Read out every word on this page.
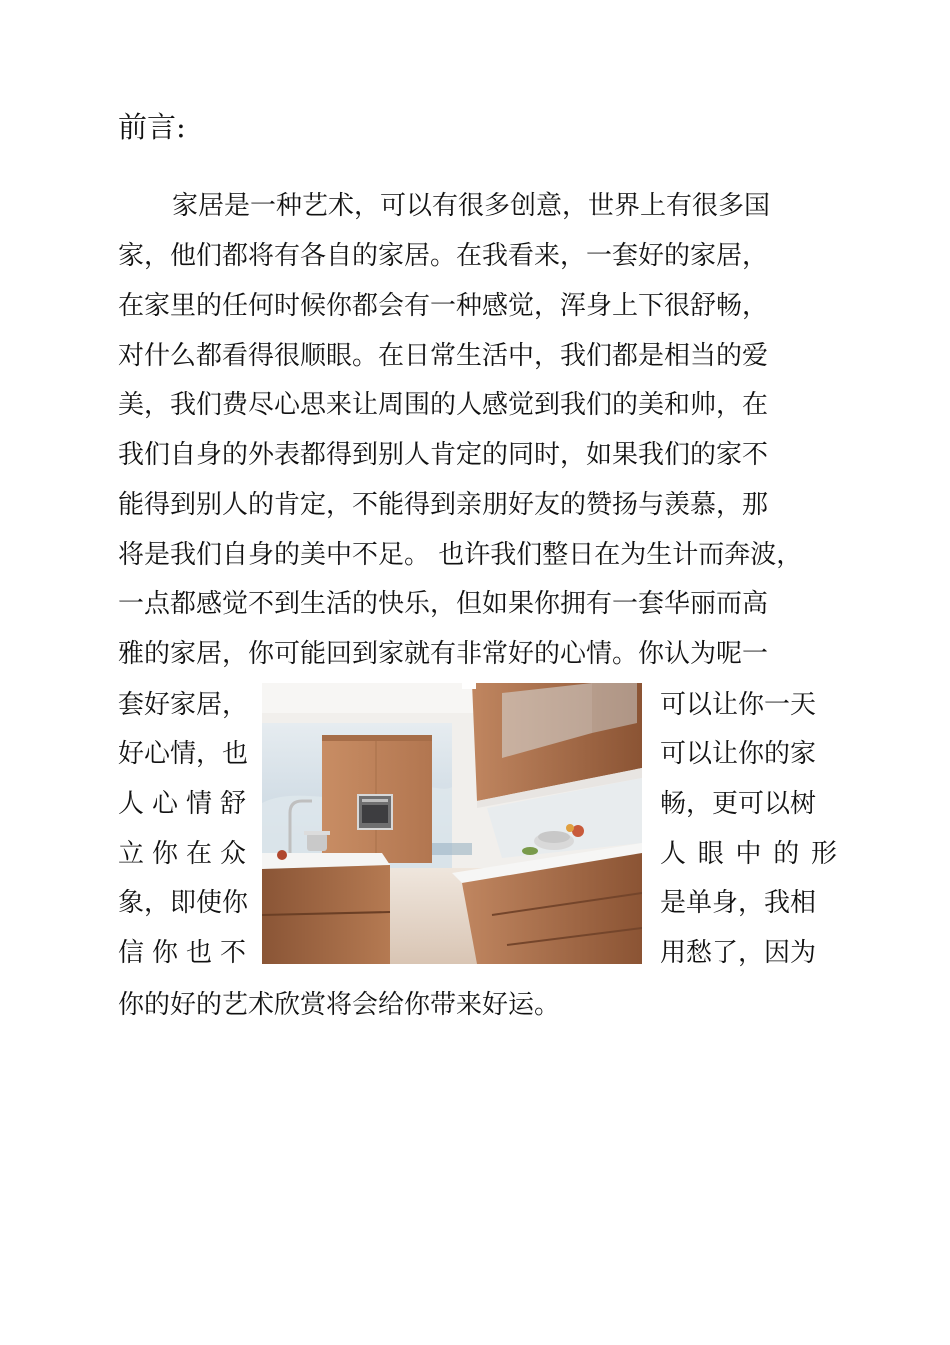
前言:
家居是一种艺术，可以有很多创意，世界上有很多国
家，他们都将有各自的家居。在我看来，一套好的家居，
在家里的任何时候你都会有一种感觉，浑身上下很舒畅，
对什么都看得很顺眼。在日常生活中，我们都是相当的爱
美，我们费尽心思来让周围的人感觉到我们的美和帅，在
我们自身的外表都得到别人肯定的同时，如果我们的家不
能得到别人的肯定，不能得到亲朋好友的赞扬与羡慕，那
将是我们自身的美中不足。 也许我们整日在为生计而奔波，
一点都感觉不到生活的快乐，但如果你拥有一套华丽而高
雅的家居，你可能回到家就有非常好的心情。你认为呢一
套好家居，
好心情，也
人心情舒
立你在众
象，即使你
信你也不
可以让你一天
可以让你的家
畅，更可以树
人眼中的形
是单身，我相
用愁了，因为
你的好的艺术欣赏将会给你带来好运。
